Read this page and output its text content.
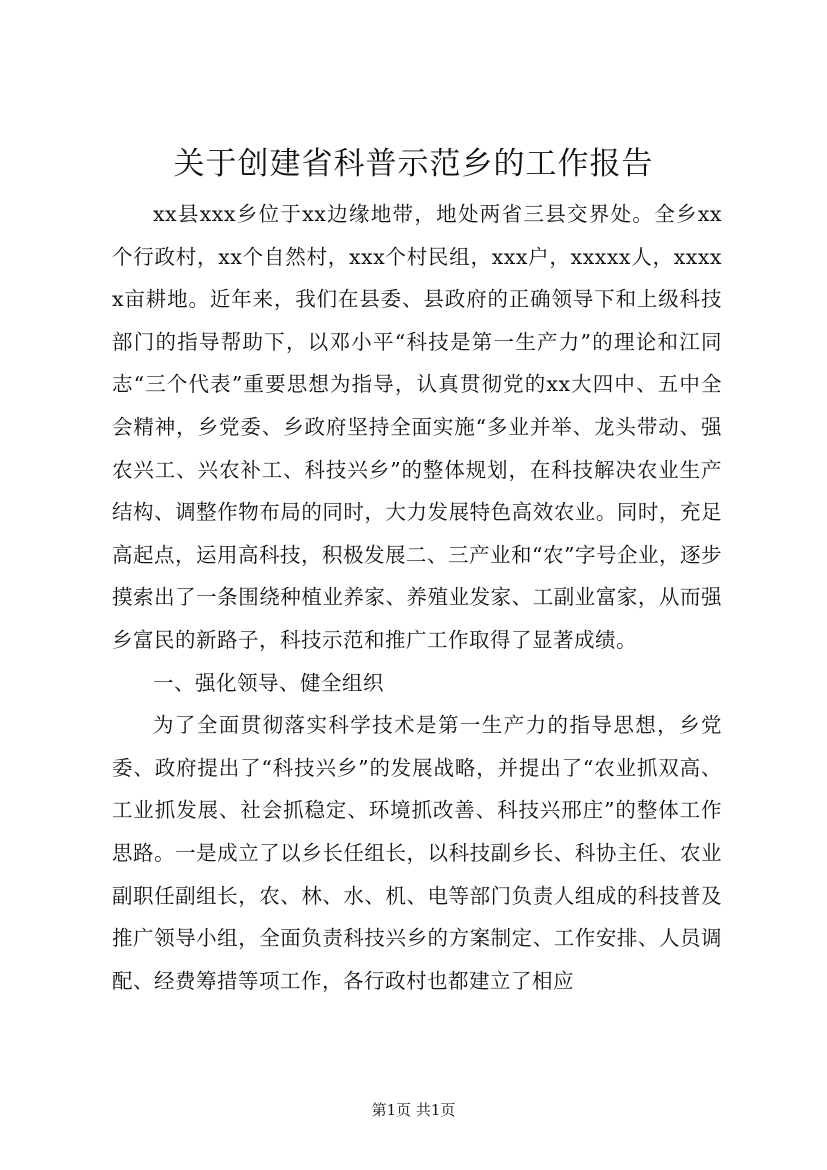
关于创建省科普示范乡的工作报告

xx县xxx乡位于xx边缘地带，地处两省三县交界处。全乡xx个行政村，xx个自然村，xxx个村民组，xxx户，xxxxx人，xxxxx亩耕地。近年来，我们在县委、县政府的正确领导下和上级科技部门的指导帮助下，以邓小平“科技是第一生产力”的理论和江同志“三个代表”重要思想为指导，认真贯彻党的xx大四中、五中全会精神，乡党委、乡政府坚持全面实施“多业并举、龙头带动、强农兴工、兴农补工、科技兴乡”的整体规划，在科技解决农业生产结构、调整作物布局的同时，大力发展特色高效农业。同时，充足高起点，运用高科技，积极发展二、三产业和“农”字号企业，逐步摸索出了一条围绕种植业养家、养殖业发家、工副业富家，从而强乡富民的新路子，科技示范和推广工作取得了显著成绩。

一、强化领导、健全组织

为了全面贯彻落实科学技术是第一生产力的指导思想，乡党委、政府提出了“科技兴乡”的发展战略，并提出了“农业抓双高、工业抓发展、社会抓稳定、环境抓改善、科技兴邢庄”的整体工作思路。一是成立了以乡长任组长，以科技副乡长、科协主任、农业副职任副组长，农、林、水、机、电等部门负责人组成的科技普及推广领导小组，全面负责科技兴乡的方案制定、工作安排、人员调配、经费筹措等项工作，各行政村也都建立了相应

第1页 共1页
